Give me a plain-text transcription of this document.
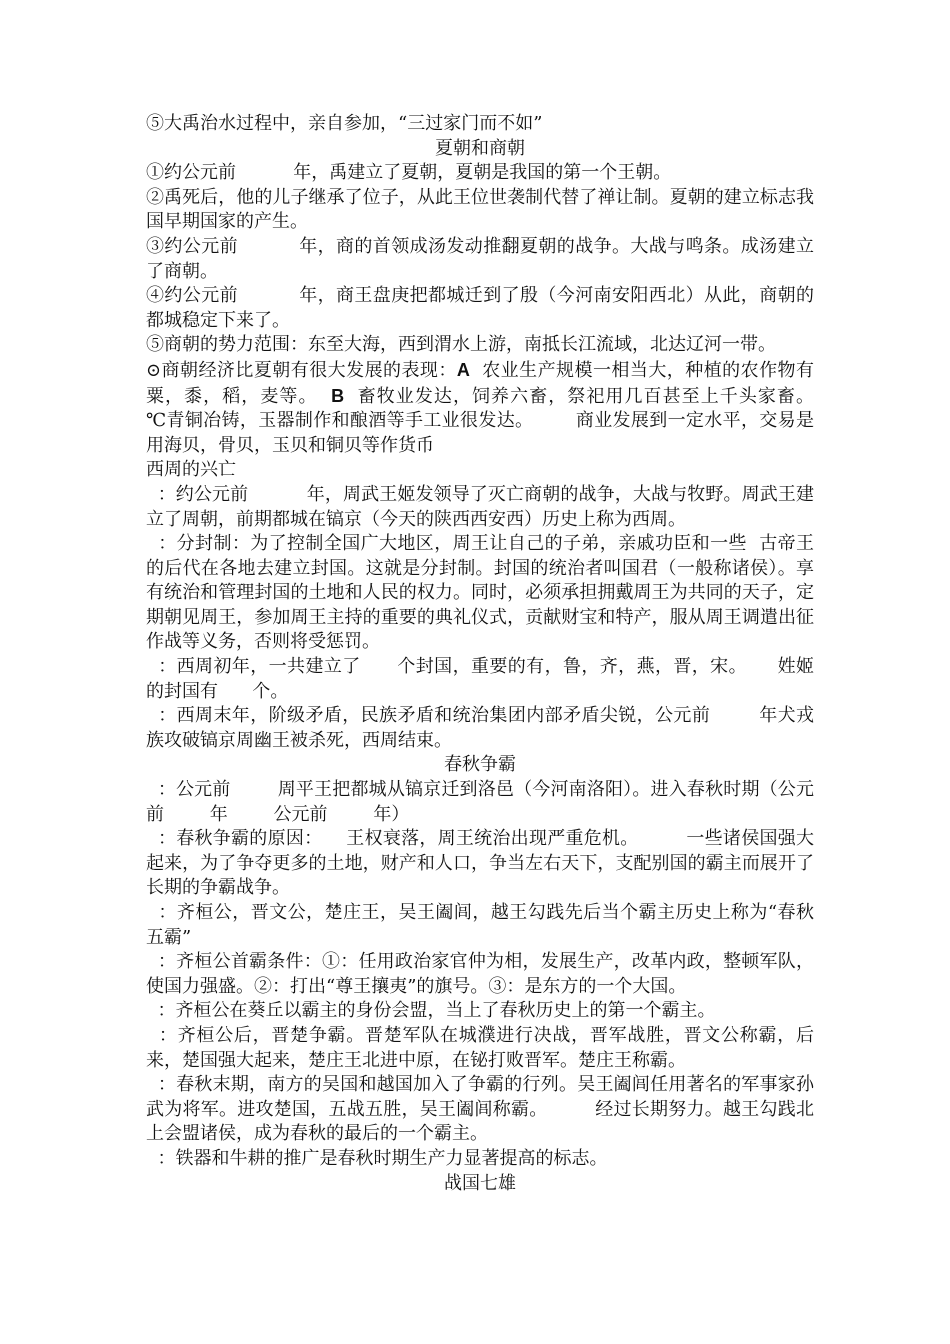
⑤大禹治水过程中，亲自参加，“三过家门而不如”

夏朝和商朝

①约公元前          年，禹建立了夏朝，夏朝是我国的第一个王朝。

②禹死后，他的儿子继承了位子，从此王位世袭制代替了禅让制。夏朝的建立标志我国早期国家的产生。

③约公元前          年，商的首领成汤发动推翻夏朝的战争。大战与鸣条。成汤建立了商朝。

④约公元前          年，商王盘庚把都城迁到了殷（今河南安阳西北）从此，商朝的都城稳定下来了。

⑤商朝的势力范围：东至大海，西到渭水上游，南抵长江流域，北达辽河一带。

⊙商朝经济比夏朝有很大发展的表现：A  农业生产规模一相当大，种植的农作物有粟，黍，稻，麦等。  B  畜牧业发达，饲养六畜，祭祀用几百甚至上千头家畜。     ℃青铜冶铸，玉器制作和酿酒等手工业很发达。       商业发展到一定水平，交易是用海贝，骨贝，玉贝和铜贝等作货币

西周的兴亡

：约公元前          年，周武王姬发领导了灭亡商朝的战争，大战与牧野。周武王建立了周朝，前期都城在镐京（今天的陕西西安西）历史上称为西周。

：分封制：为了控制全国广大地区，周王让自己的子弟，亲戚功臣和一些  古帝王的后代在各地去建立封国。这就是分封制。封国的统治者叫国君（一般称诸侯）。享有统治和管理封国的土地和人民的权力。同时，必须承担拥戴周王为共同的天子，定期朝见周王，参加周王主持的重要的典礼仪式，贡献财宝和特产，服从周王调遣出征作战等义务，否则将受惩罚。

：西周初年，一共建立了      个封国，重要的有，鲁，齐，燕，晋，宋。     姓姬的封国有      个。

：西周末年，阶级矛盾，民族矛盾和统治集团内部矛盾尖锐，公元前        年犬戎族攻破镐京周幽王被杀死，西周结束。

春秋争霸

：公元前        周平王把都城从镐京迁到洛邑（今河南洛阳）。进入春秋时期（公元前        年        公元前        年）

：春秋争霸的原因：    王权衰落，周王统治出现严重危机。        一些诸侯国强大起来，为了争夺更多的土地，财产和人口，争当左右天下，支配别国的霸主而展开了长期的争霸战争。

：齐桓公，晋文公，楚庄王，吴王阖闾，越王勾践先后当个霸主历史上称为“春秋五霸”

：齐桓公首霸条件：①：任用政治家官仲为相，发展生产，改革内政，整顿军队，使国力强盛。②：打出“尊王攘夷”的旗号。③：是东方的一个大国。

：齐桓公在葵丘以霸主的身份会盟，当上了春秋历史上的第一个霸主。

：齐桓公后，晋楚争霸。晋楚军队在城濮进行决战，晋军战胜，晋文公称霸，后来，楚国强大起来，楚庄王北进中原，在铋打败晋军。楚庄王称霸。

：春秋末期，南方的吴国和越国加入了争霸的行列。吴王阖闾任用著名的军事家孙武为将军。进攻楚国，五战五胜，吴王阖闾称霸。        经过长期努力。越王勾践北上会盟诸侯，成为春秋的最后的一个霸主。

：铁器和牛耕的推广是春秋时期生产力显著提高的标志。

战国七雄
